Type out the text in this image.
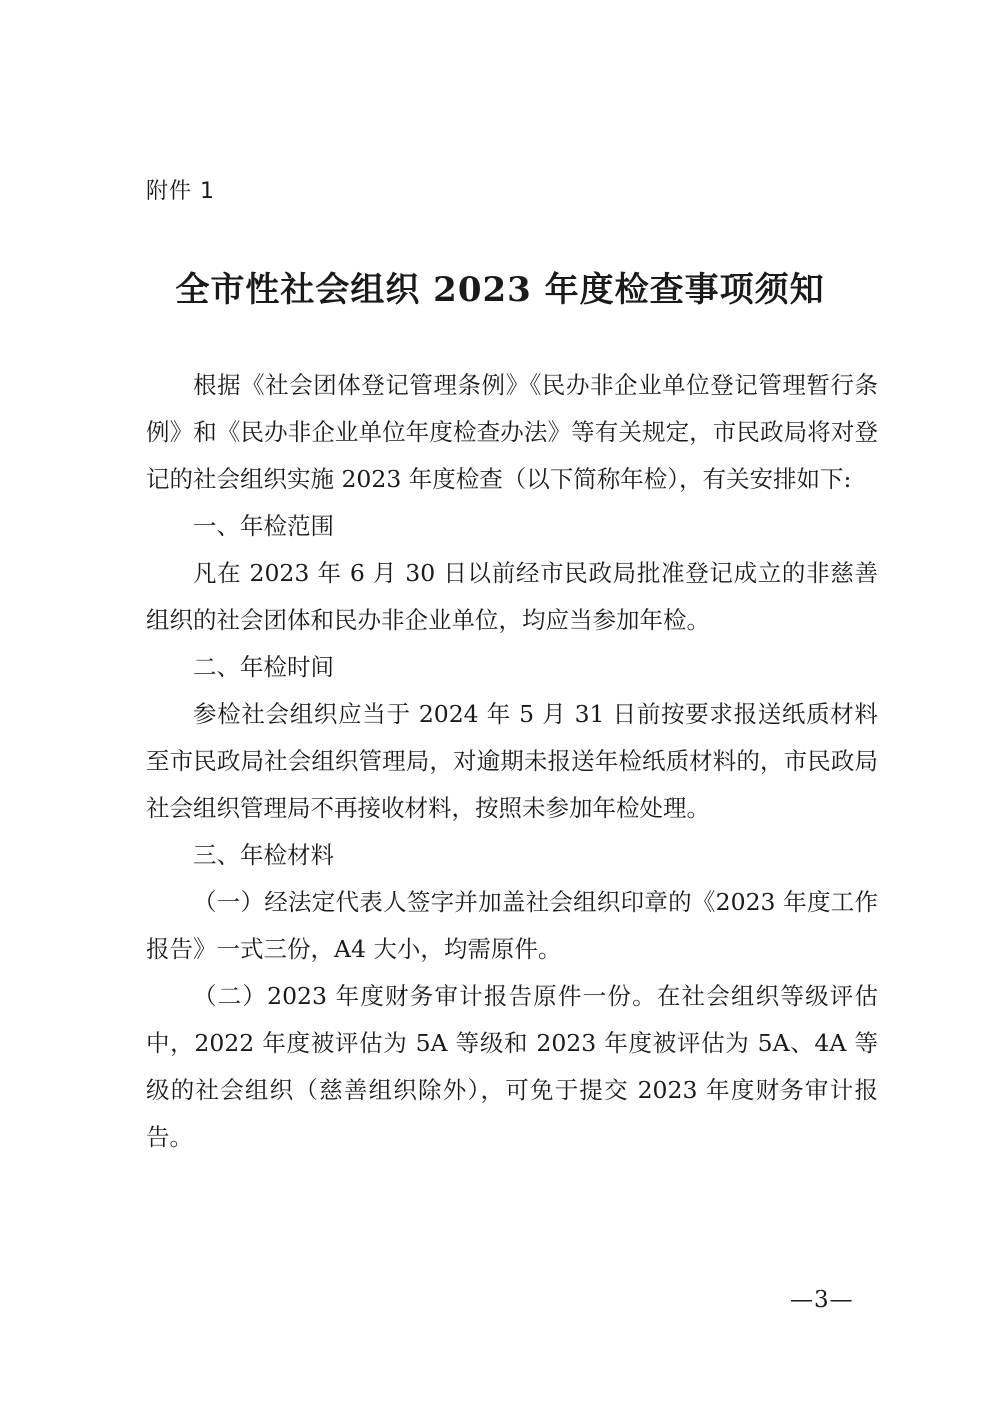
附件 1
全市性社会组织 2023 年度检查事项须知

根据《社会团体登记管理条例》《民办非企业单位登记管理暂行条例》和《民办非企业单位年度检查办法》等有关规定，市民政局将对登记的社会组织实施 2023 年度检查（以下简称年检），有关安排如下:

一、年检范围

凡在 2023 年 6 月 30 日以前经市民政局批准登记成立的非慈善组织的社会团体和民办非企业单位，均应当参加年检。

二、年检时间

参检社会组织应当于 2024 年 5 月 31 日前按要求报送纸质材料至市民政局社会组织管理局，对逾期未报送年检纸质材料的，市民政局社会组织管理局不再接收材料，按照未参加年检处理。

三、年检材料

（一）经法定代表人签字并加盖社会组织印章的《2023 年度工作报告》一式三份，A4 大小，均需原件。

（二）2023 年度财务审计报告原件一份。在社会组织等级评估中，2022 年度被评估为 5A 等级和 2023 年度被评估为 5A、4A 等级的社会组织（慈善组织除外），可免于提交 2023 年度财务审计报告。

—3—
